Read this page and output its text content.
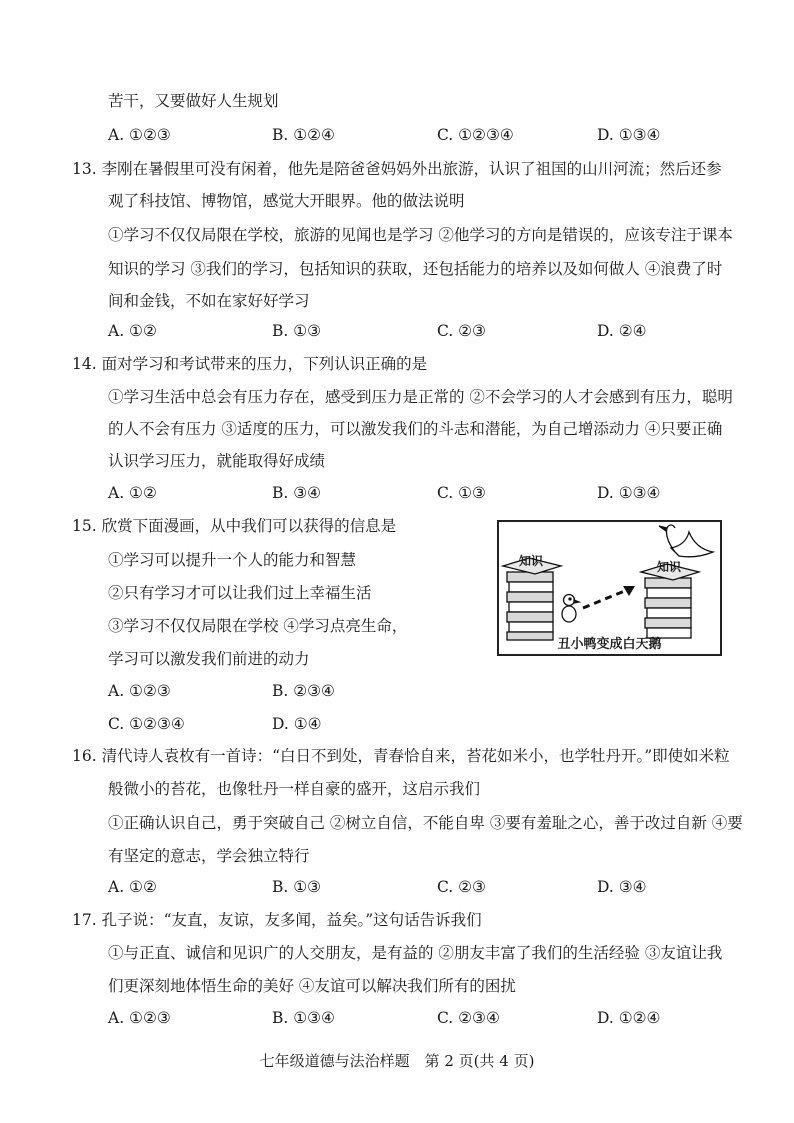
苦干，又要做好人生规划
A. ①②③	B. ①②④	C. ①②③④	D. ①③④
13. 李刚在暑假里可没有闲着，他先是陪爸爸妈妈外出旅游，认识了祖国的山川河流；然后还参
观了科技馆、博物馆，感觉大开眼界。他的做法说明
①学习不仅仅局限在学校，旅游的见闻也是学习 ②他学习的方向是错误的，应该专注于课本
知识的学习 ③我们的学习，包括知识的获取，还包括能力的培养以及如何做人 ④浪费了时
间和金钱，不如在家好好学习
A. ①②	B. ①③	C. ②③	D. ②④
14. 面对学习和考试带来的压力，下列认识正确的是
①学习生活中总会有压力存在，感受到压力是正常的 ②不会学习的人才会感到有压力，聪明
的人不会有压力 ③适度的压力，可以激发我们的斗志和潜能，为自己增添动力 ④只要正确
认识学习压力，就能取得好成绩
A. ①②	B. ③④	C. ①③	D. ①③④
15. 欣赏下面漫画，从中我们可以获得的信息是
①学习可以提升一个人的能力和智慧
②只有学习才可以让我们过上幸福生活
③学习不仅仅局限在学校 ④学习点亮生命，
学习可以激发我们前进的动力
A. ①②③	B. ②③④
C. ①②③④	D. ①④
知识	知识
丑小鸭变成白天鹅
16. 清代诗人袁枚有一首诗：“白日不到处，青春恰自来，苔花如米小，也学牡丹开。”即使如米粒
般微小的苔花，也像牡丹一样自豪的盛开，这启示我们
①正确认识自己，勇于突破自己 ②树立自信，不能自卑 ③要有羞耻之心，善于改过自新 ④要
有坚定的意志，学会独立特行
A. ①②	B. ①③	C. ②③	D. ③④
17. 孔子说：“友直，友谅，友多闻，益矣。”这句话告诉我们
①与正直、诚信和见识广的人交朋友，是有益的 ②朋友丰富了我们的生活经验 ③友谊让我
们更深刻地体悟生命的美好 ④友谊可以解决我们所有的困扰
A. ①②③	B. ①③④	C. ②③④	D. ①②④
七年级道德与法治样题　第 2 页(共 4 页)
